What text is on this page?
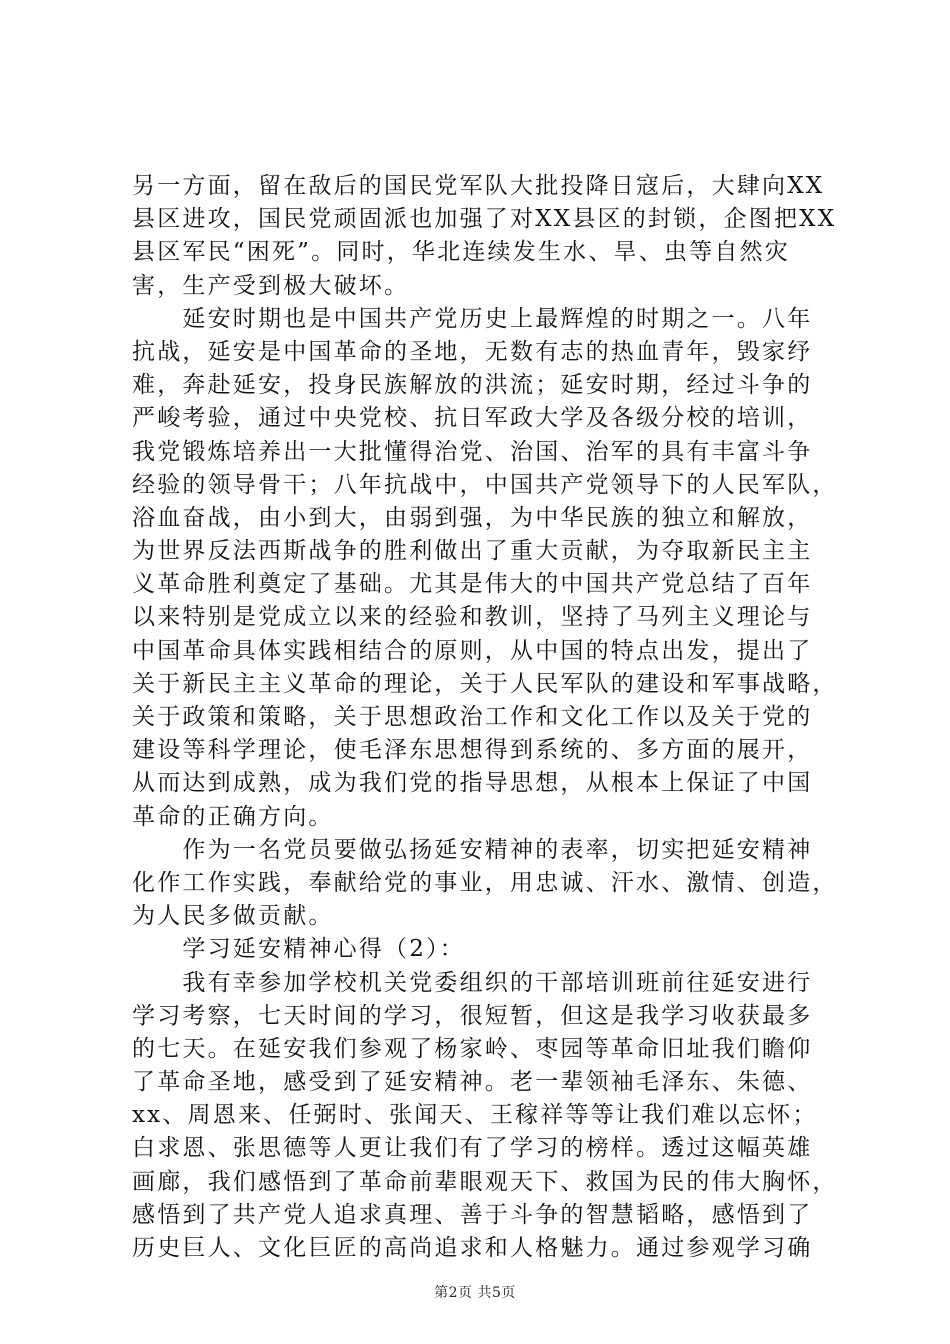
另一方面，留在敌后的国民党军队大批投降日寇后，大肆向XX
县区进攻，国民党顽固派也加强了对XX县区的封锁，企图把XX
县区军民“困死”。同时，华北连续发生水、旱、虫等自然灾
害，生产受到极大破坏。
　　延安时期也是中国共产党历史上最辉煌的时期之一。八年
抗战，延安是中国革命的圣地，无数有志的热血青年，毁家纾
难，奔赴延安，投身民族解放的洪流；延安时期，经过斗争的
严峻考验，通过中央党校、抗日军政大学及各级分校的培训，
我党锻炼培养出一大批懂得治党、治国、治军的具有丰富斗争
经验的领导骨干；八年抗战中，中国共产党领导下的人民军队，
浴血奋战，由小到大，由弱到强，为中华民族的独立和解放，
为世界反法西斯战争的胜利做出了重大贡献，为夺取新民主主
义革命胜利奠定了基础。尤其是伟大的中国共产党总结了百年
以来特别是党成立以来的经验和教训，坚持了马列主义理论与
中国革命具体实践相结合的原则，从中国的特点出发，提出了
关于新民主主义革命的理论，关于人民军队的建设和军事战略，
关于政策和策略，关于思想政治工作和文化工作以及关于党的
建设等科学理论，使毛泽东思想得到系统的、多方面的展开，
从而达到成熟，成为我们党的指导思想，从根本上保证了中国
革命的正确方向。
　　作为一名党员要做弘扬延安精神的表率，切实把延安精神
化作工作实践，奉献给党的事业，用忠诚、汗水、激情、创造，
为人民多做贡献。
　　学习延安精神心得（2）：
　　我有幸参加学校机关党委组织的干部培训班前往延安进行
学习考察，七天时间的学习，很短暂，但这是我学习收获最多
的七天。在延安我们参观了杨家岭、枣园等革命旧址我们瞻仰
了革命圣地，感受到了延安精神。老一辈领袖毛泽东、朱德、
xx、周恩来、任弼时、张闻天、王稼祥等等让我们难以忘怀；
白求恩、张思德等人更让我们有了学习的榜样。透过这幅英雄
画廊，我们感悟到了革命前辈眼观天下、救国为民的伟大胸怀，
感悟到了共产党人追求真理、善于斗争的智慧韬略，感悟到了
历史巨人、文化巨匠的高尚追求和人格魅力。通过参观学习确
第2页 共5页
